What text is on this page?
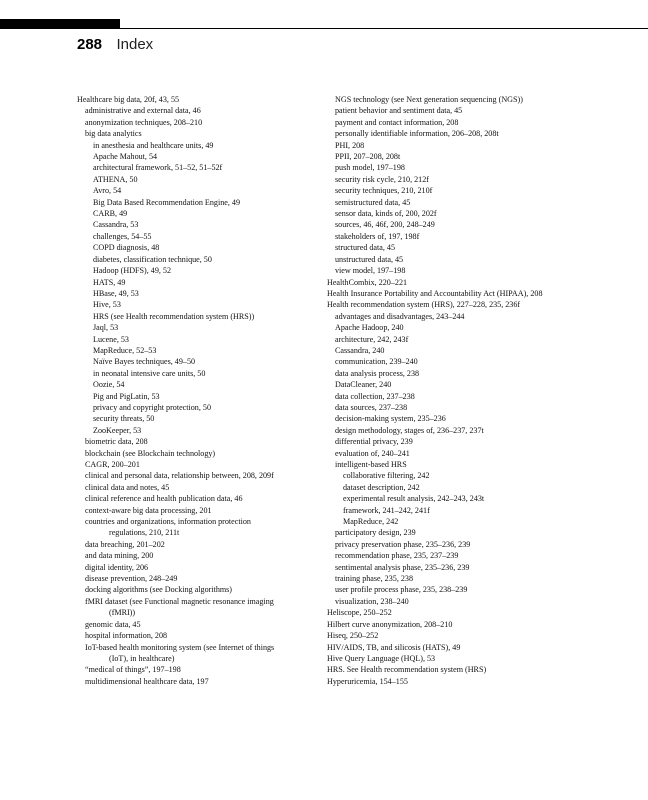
288 Index
Healthcare big data, 20f, 43, 55
administrative and external data, 46
anonymization techniques, 208–210
big data analytics
in anesthesia and healthcare units, 49
Apache Mahout, 54
architectural framework, 51–52, 51–52f
ATHENA, 50
Avro, 54
Big Data Based Recommendation Engine, 49
CARB, 49
Cassandra, 53
challenges, 54–55
COPD diagnosis, 48
diabetes, classification technique, 50
Hadoop (HDFS), 49, 52
HATS, 49
HBase, 49, 53
Hive, 53
HRS (see Health recommendation system (HRS))
Jaql, 53
Lucene, 53
MapReduce, 52–53
Naïve Bayes techniques, 49–50
in neonatal intensive care units, 50
Oozie, 54
Pig and PigLatin, 53
privacy and copyright protection, 50
security threats, 50
ZooKeeper, 53
biometric data, 208
blockchain (see Blockchain technology)
CAGR, 200–201
clinical and personal data, relationship between, 208, 209f
clinical data and notes, 45
clinical reference and health publication data, 46
context-aware big data processing, 201
countries and organizations, information protection
regulations, 210, 211t
data breaching, 201–202
and data mining, 200
digital identity, 206
disease prevention, 248–249
docking algorithms (see Docking algorithms)
fMRI dataset (see Functional magnetic resonance imaging
(fMRI))
genomic data, 45
hospital information, 208
IoT-based health monitoring system (see Internet of things
(IoT), in healthcare)
“medical of things”, 197–198
multidimensional healthcare data, 197
NGS technology (see Next generation sequencing (NGS))
patient behavior and sentiment data, 45
payment and contact information, 208
personally identifiable information, 206–208, 208t
PHI, 208
PPII, 207–208, 208t
push model, 197–198
security risk cycle, 210, 212f
security techniques, 210, 210f
semistructured data, 45
sensor data, kinds of, 200, 202f
sources, 46, 46f, 200, 248–249
stakeholders of, 197, 198f
structured data, 45
unstructured data, 45
view model, 197–198
HealthCombix, 220–221
Health Insurance Portability and Accountability Act (HIPAA), 208
Health recommendation system (HRS), 227–228, 235, 236f
advantages and disadvantages, 243–244
Apache Hadoop, 240
architecture, 242, 243f
Cassandra, 240
communication, 239–240
data analysis process, 238
DataCleaner, 240
data collection, 237–238
data sources, 237–238
decision-making system, 235–236
design methodology, stages of, 236–237, 237t
differential privacy, 239
evaluation of, 240–241
intelligent-based HRS
collaborative filtering, 242
dataset description, 242
experimental result analysis, 242–243, 243t
framework, 241–242, 241f
MapReduce, 242
participatory design, 239
privacy preservation phase, 235–236, 239
recommendation phase, 235, 237–239
sentimental analysis phase, 235–236, 239
training phase, 235, 238
user profile process phase, 235, 238–239
visualization, 238–240
Heliscope, 250–252
Hilbert curve anonymization, 208–210
Hiseq, 250–252
HIV/AIDS, TB, and silicosis (HATS), 49
Hive Query Language (HQL), 53
HRS. See Health recommendation system (HRS)
Hyperuricemia, 154–155
